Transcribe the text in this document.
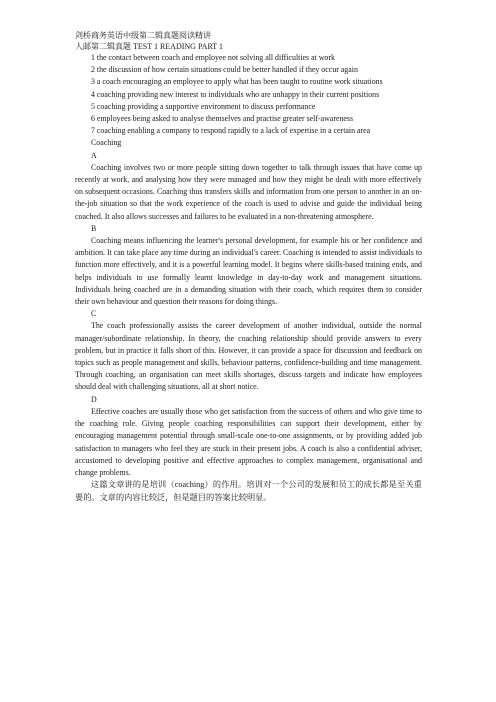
剑桥商务英语中级第二辑真题阅读精讲

人邮第二辑真题 TEST 1 READING PART 1

1 the contact between coach and employee not solving all difficulties at work

2 the discussion of how certain situations could be better handled if they occur again

3 a coach encouraging an employee to apply what has been taught to routine work situations

4 coaching providing new interest to individuals who are unhappy in their current positions

5 coaching providing a supportive environment to discuss performance

6 employees being asked to analyse themselves and practise greater self-awareness

7 coaching enabling a company to respond rapidly to a lack of expertise in a certain area

Coaching

A

Coaching involves two or more people sitting down together to talk through issues that have come up recently at work, and analysing how they were managed and how they might be dealt with more effectively on subsequent occasions. Coaching thus transfers skills and information from one person to another in an on-the-job situation so that the work experience of the coach is used to advise and guide the individual being coached. It also allows successes and failures to be evaluated in a non-threatening atmosphere.

B

Coaching means influencing the learner's personal development, for example his or her confidence and ambition. It can take place any time during an individual's career. Coaching is intended to assist individuals to function more effectively, and it is a powerful learning model. It begins where skills-based training ends, and helps individuals to use formally learnt knowledge in day-to-day work and management situations. Individuals being coached are in a demanding situation with their coach, which requires them to consider their own behaviour and question their reasons for doing things.

C

The coach professionally assists the career development of another individual, outside the normal manager/subordinate relationship. In theory, the coaching relationship should provide answers to every problem, but in practice it falls short of this. However, it can provide a space for discussion and feedback on topics such as people management and skills, behaviour patterns, confidence-building and time management. Through coaching, an organisation can meet skills shortages, discuss targets and indicate how employees should deal with challenging situations, all at short notice.

D

Effective coaches are usually those who get satisfaction from the success of others and who give time to the coaching role. Giving people coaching responsibilities can support their development, either by encouraging management potential through small-scale one-to-one assignments, or by providing added job satisfaction to managers who feel they are stuck in their present jobs. A coach is also a confidential adviser, accustomed to developing positive and effective approaches to complex management, organisational and change problems.

这篇文章讲的是培训（coaching）的作用。培训对一个公司的发展和员工的成长都是至关重要的。文章的内容比较泛，但是题目的答案比较明显。
